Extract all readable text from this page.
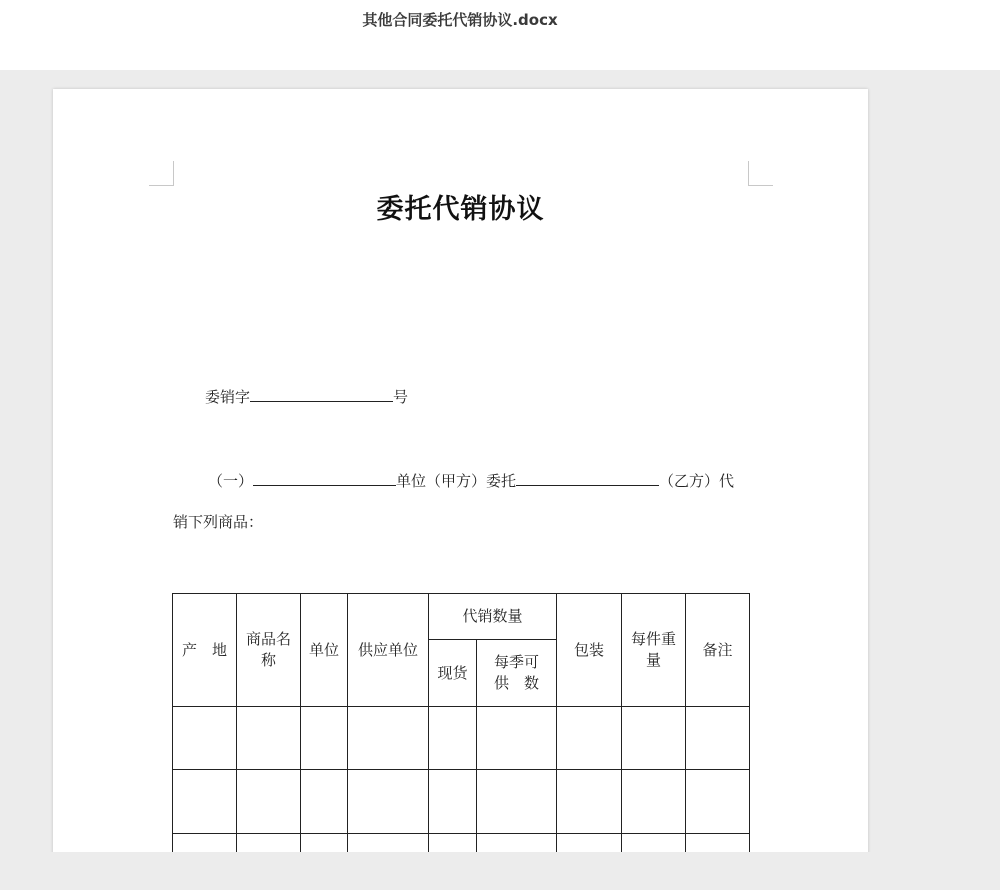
其他合同委托代销协议.docx
委托代销协议
委销字	号
（一）	单位（甲方）委托	（乙方）代
销下列商品：
产　地	商品名称	单位	供应单位	代销数量		包装	每件重量	备注
				现货	每季可供　数			
